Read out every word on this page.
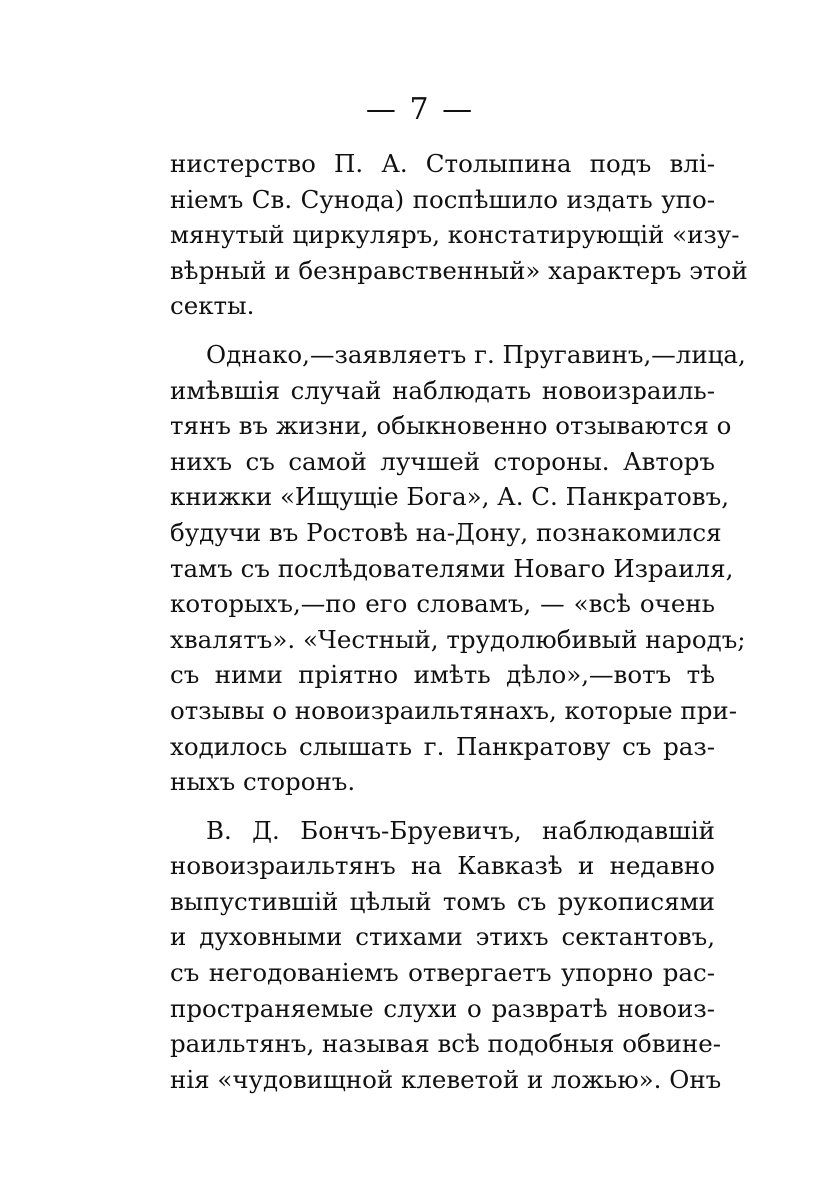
— 7 —
нистерство П. А. Столыпина подъ влі-
ніемъ Св. Сунода) поспѣшило издать упо-
мянутый циркуляръ, констатирующій «изу-
вѣрный и безнравственный» характеръ этой
секты.
Однако,—заявляетъ г. Пругавинъ,—лица,
имѣвшія случай наблюдать новоизраиль-
тянъ въ жизни, обыкновенно отзываются о
нихъ съ самой лучшей стороны. Авторъ
книжки «Ищущіе Бога», А. С. Панкратовъ,
будучи въ Ростовѣ на-Дону, познакомился
тамъ съ послѣдователями Новаго Израиля,
которыхъ,—по его словамъ, — «всѣ очень
хвалятъ». «Честный, трудолюбивый народъ;
съ ними пріятно имѣть дѣло»,—вотъ тѣ
отзывы о новоизраильтянахъ, которые при-
ходилось слышать г. Панкратову съ раз-
ныхъ сторонъ.
В. Д. Бончъ-Бруевичъ, наблюдавшій
новоизраильтянъ на Кавказѣ и недавно
выпустившій цѣлый томъ съ рукописями
и духовными стихами этихъ сектантовъ,
съ негодованіемъ отвергаетъ упорно рас-
пространяемые слухи о развратѣ новоиз-
раильтянъ, называя всѣ подобныя обвине-
нія «чудовищной клеветой и ложью». Онъ
